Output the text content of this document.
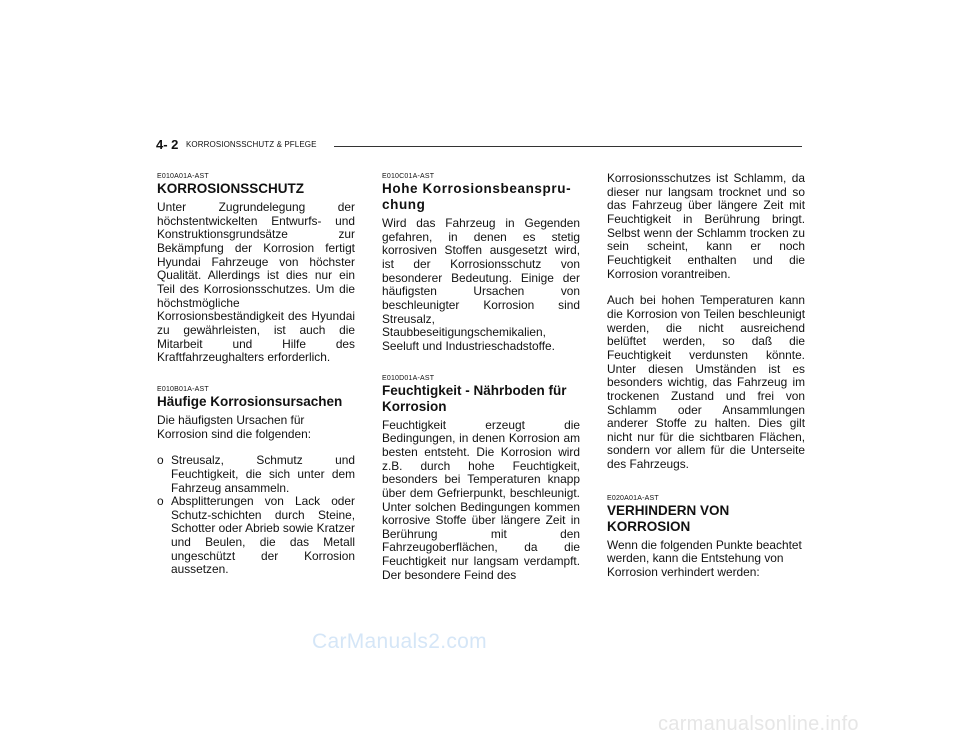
4- 2 KORROSIONSSCHUTZ & PFLEGE

E010A01A-AST

KORROSIONSSCHUTZ

Unter Zugrundelegung der höchstentwickelten Entwurfs- und Konstruktionsgrundsätze zur Bekämpfung der Korrosion fertigt Hyundai Fahrzeuge von höchster Qualität. Allerdings ist dies nur ein Teil des Korrosionsschutzes. Um die höchstmögliche Korrosionsbeständigkeit des Hyundai zu gewährleisten, ist auch die Mitarbeit und Hilfe des Kraftfahrzeughalters erforderlich.

E010B01A-AST

Häufige Korrosionsursachen

Die häufigsten Ursachen für Korrosion sind die folgenden:

o Streusalz, Schmutz und Feuchtigkeit, die sich unter dem Fahrzeug ansammeln.

o Absplitterungen von Lack oder Schutz-schichten durch Steine, Schotter oder Abrieb sowie Kratzer und Beulen, die das Metall ungeschützt der Korrosion aussetzen.

E010C01A-AST

Hohe Korrosionsbeanspru- chung

Wird das Fahrzeug in Gegenden gefahren, in denen es stetig korrosiven Stoffen ausgesetzt wird, ist der Korrosionsschutz von besonderer Bedeutung. Einige der häufigsten Ursachen von beschleunigter Korrosion sind Streusalz, Staubbeseitigungschemikalien, Seeluft und Industrieschadstoffe.

E010D01A-AST

Feuchtigkeit - Nährboden für Korrosion

Feuchtigkeit erzeugt die Bedingungen, in denen Korrosion am besten entsteht. Die Korrosion wird z.B. durch hohe Feuchtigkeit, besonders bei Temperaturen knapp über dem Gefrierpunkt, beschleunigt. Unter solchen Bedingungen kommen korrosive Stoffe über längere Zeit in Berührung mit den Fahrzeugoberflächen, da die Feuchtigkeit nur langsam verdampft. Der besondere Feind des

Korrosionsschutzes ist Schlamm, da dieser nur langsam trocknet und so das Fahrzeug über längere Zeit mit Feuchtigkeit in Berührung bringt. Selbst wenn der Schlamm trocken zu sein scheint, kann er noch Feuchtigkeit enthalten und die Korrosion vorantreiben.

Auch bei hohen Temperaturen kann die Korrosion von Teilen beschleunigt werden, die nicht ausreichend belüftet werden, so daß die Feuchtigkeit verdunsten könnte. Unter diesen Umständen ist es besonders wichtig, das Fahrzeug im trockenen Zustand und frei von Schlamm oder Ansammlungen anderer Stoffe zu halten. Dies gilt nicht nur für die sichtbaren Flächen, sondern vor allem für die Unterseite des Fahrzeugs.

E020A01A-AST

VERHINDERN VON KORROSION

Wenn die folgenden Punkte beachtet werden, kann die Entstehung von Korrosion verhindert werden:

CarManuals2.com
carmanualsonline.info
